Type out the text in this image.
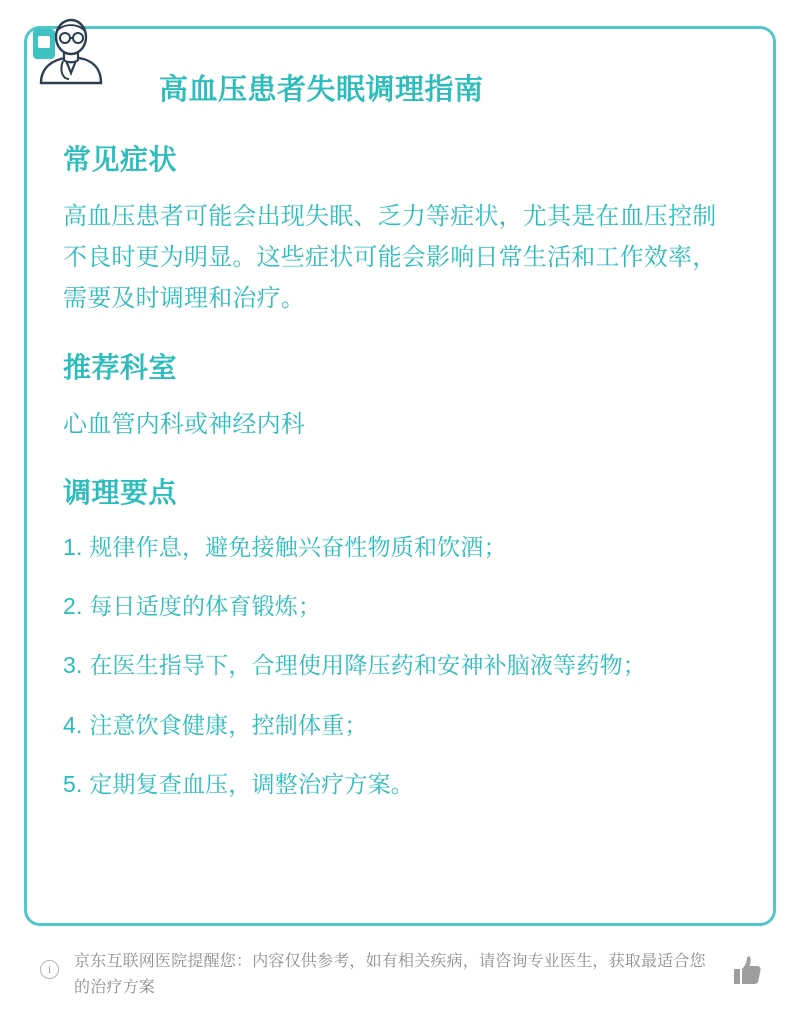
高血压患者失眠调理指南
常见症状

高血压患者可能会出现失眠、乏力等症状，尤其是在血压控制不良时更为明显。这些症状可能会影响日常生活和工作效率，需要及时调理和治疗。

推荐科室

心血管内科或神经内科

调理要点
规律作息，避免接触兴奋性物质和饮酒；
每日适度的体育锻炼；
在医生指导下，合理使用降压药和安神补脑液等药物；
注意饮食健康，控制体重；
定期复查血压，调整治疗方案。
i	京东互联网医院提醒您：内容仅供参考，如有相关疾病，请咨询专业医生，获取最适合您的治疗方案
